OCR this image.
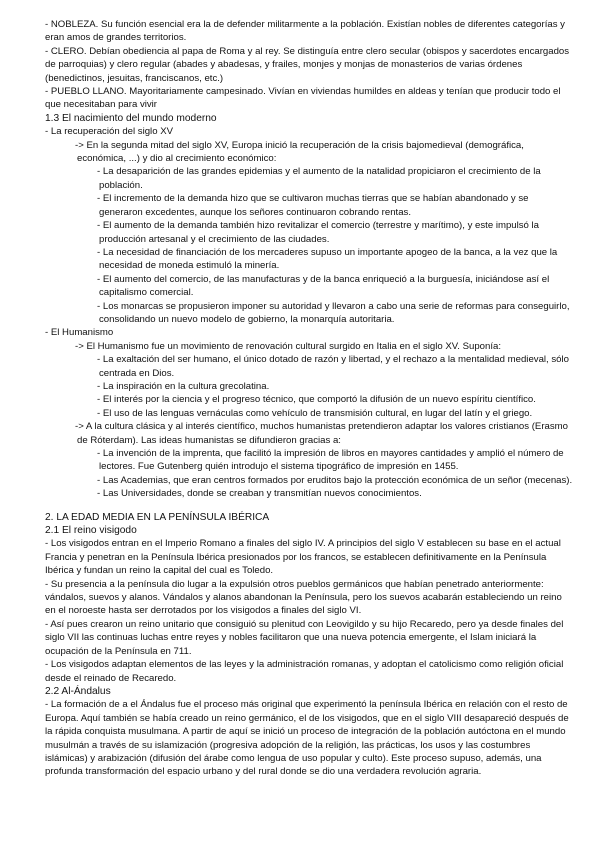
- NOBLEZA. Su función esencial era la de defender militarmente a la población. Existían nobles de diferentes categorías y eran amos de grandes territorios.

- CLERO. Debían obediencia al papa de Roma y al rey. Se distinguía entre clero secular (obispos y sacerdotes encargados de parroquias) y clero regular (abades y abadesas, y frailes, monjes y monjas de monasterios de varias órdenes (benedictinos, jesuitas, franciscanos, etc.)

- PUEBLO LLANO. Mayoritariamente campesinado. Vivían en viviendas humildes en aldeas y tenían que producir todo el que necesitaban para vivir

1.3 El nacimiento del mundo moderno

- La recuperación del siglo XV

-> En la segunda mitad del siglo XV, Europa inició la recuperación de la crisis bajomedieval (demográfica, económica, ...) y dio al crecimiento económico:

- La desaparición de las grandes epidemias y el aumento de la natalidad propiciaron el crecimiento de la población.

- El incremento de la demanda hizo que se cultivaron muchas tierras que se habían abandonado y se generaron excedentes, aunque los señores continuaron cobrando rentas.

- El aumento de la demanda también hizo revitalizar el comercio (terrestre y marítimo), y este impulsó la producción artesanal y el crecimiento de las ciudades.

- La necesidad de financiación de los mercaderes supuso un importante apogeo de la banca, a la vez que la necesidad de moneda estimuló la minería.

- El aumento del comercio, de las manufacturas y de la banca enriqueció a la burguesía, iniciándose así el capitalismo comercial.

- Los monarcas se propusieron imponer su autoridad y llevaron a cabo una serie de reformas para conseguirlo, consolidando un nuevo modelo de gobierno, la monarquía autoritaria.

- El Humanismo

-> El Humanismo fue un movimiento de renovación cultural surgido en Italia en el siglo XV. Suponía:

- La exaltación del ser humano, el único dotado de razón y libertad, y el rechazo a la mentalidad medieval, sólo centrada en Dios.

- La inspiración en la cultura grecolatina.

- El interés por la ciencia y el progreso técnico, que comportó la difusión de un nuevo espíritu científico.

- El uso de las lenguas vernáculas como vehículo de transmisión cultural, en lugar del latín y el griego.

-> A la cultura clásica y al interés científico, muchos humanistas pretendieron adaptar los valores cristianos (Erasmo de Róterdam). Las ideas humanistas se difundieron gracias a:

- La invención de la imprenta, que facilitó la impresión de libros en mayores cantidades y amplió el número de lectores. Fue Gutenberg quién introdujo el sistema tipográfico de impresión en 1455.

- Las Academias, que eran centros formados por eruditos bajo la protección económica de un señor (mecenas).

- Las Universidades, donde se creaban y transmitían nuevos conocimientos.

2. LA EDAD MEDIA EN LA PENÍNSULA IBÉRICA

2.1 El reino visigodo

- Los visigodos entran en el Imperio Romano a finales del siglo IV. A principios del siglo V establecen su base en el actual Francia y penetran en la Península Ibérica presionados por los francos, se establecen definitivamente en la Península Ibérica y fundan un reino la capital del cual es Toledo.

- Su presencia a la península dio lugar a la expulsión otros pueblos germánicos que habían penetrado anteriormente: vándalos, suevos y alanos. Vándalos y alanos abandonan la Península, pero los suevos acabarán estableciendo un reino en el noroeste hasta ser derrotados por los visigodos a finales del siglo VI.

- Así pues crearon un reino unitario que consiguió su plenitud con Leovigildo y su hijo Recaredo, pero ya desde finales del siglo VII las continuas luchas entre reyes y nobles facilitaron que una nueva potencia emergente, el Islam iniciará la ocupación de la Península en 711.

- Los visigodos adaptan elementos de las leyes y la administración romanas, y adoptan el catolicismo como religión oficial desde el reinado de Recaredo.

2.2 Al-Ándalus

- La formación de a el Ándalus fue el proceso más original que experimentó la península Ibérica en relación con el resto de Europa. Aquí también se había creado un reino germánico, el de los visigodos, que en el siglo VIII desapareció después de la rápida conquista musulmana. A partir de aquí se inició un proceso de integración de la población autóctona en el mundo musulmán a través de su islamización (progresiva adopción de la religión, las prácticas, los usos y las costumbres islámicas) y arabización (difusión del árabe como lengua de uso popular y culto). Este proceso supuso, además, una profunda transformación del espacio urbano y del rural donde se dio una verdadera revolución agraria.
